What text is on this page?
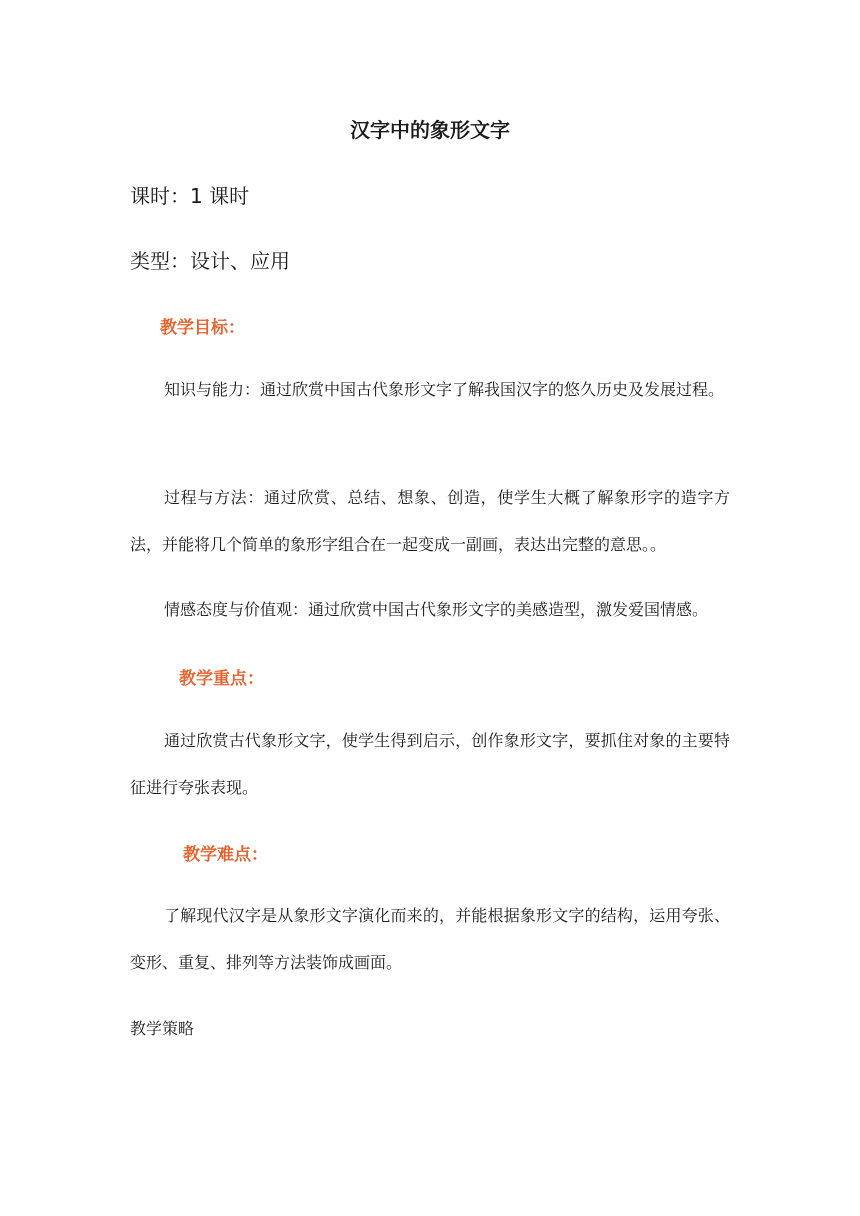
汉字中的象形文字
课时：1 课时
类型：设计、应用
教学目标：
知识与能力：通过欣赏中国古代象形文字了解我国汉字的悠久历史及发展过程。
过程与方法：通过欣赏、总结、想象、创造，使学生大概了解象形字的造字方法，并能将几个简单的象形字组合在一起变成一副画，表达出完整的意思。。
情感态度与价值观：通过欣赏中国古代象形文字的美感造型，激发爱国情感。
教学重点：
通过欣赏古代象形文字，使学生得到启示，创作象形文字，要抓住对象的主要特征进行夸张表现。
教学难点：
了解现代汉字是从象形文字演化而来的，并能根据象形文字的结构，运用夸张、变形、重复、排列等方法装饰成画面。
教学策略
